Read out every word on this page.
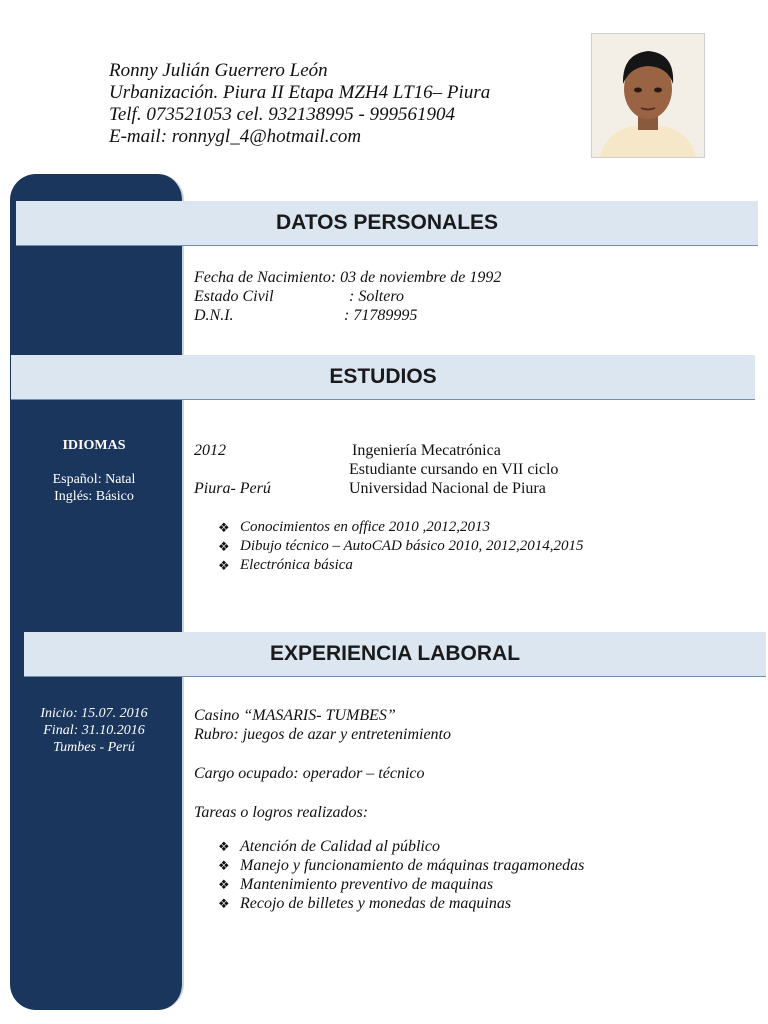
Ronny Julián Guerrero León
Urbanización. Piura II Etapa MZH4 LT16– Piura
Telf. 073521053 cel. 932138995 - 999561904
E-mail: ronnygl_4@hotmail.com
DATOS PERSONALES
ESTUDIOS
EXPERIENCIA LABORAL
Fecha de Nacimiento: 03 de noviembre de 1992
Estado Civil	: Soltero
D.N.I.	: 71789995
IDIOMAS
Español: Natal
Inglés: Básico
2012	Ingeniería Mecatrónica
Estudiante cursando en VII ciclo
Piura- Perú	Universidad Nacional de Piura
❖ Conocimientos en office 2010 ,2012,2013
❖ Dibujo técnico – AutoCAD básico 2010, 2012,2014,2015
❖ Electrónica básica
Inicio: 15.07. 2016
Final: 31.10.2016
Tumbes - Perú
Casino “MASARIS- TUMBES”
Rubro: juegos de azar y entretenimiento
Cargo ocupado: operador – técnico
Tareas o logros realizados:
❖ Atención de Calidad al público
❖ Manejo y funcionamiento de máquinas tragamonedas
❖ Mantenimiento preventivo de maquinas
❖ Recojo de billetes y monedas de maquinas
